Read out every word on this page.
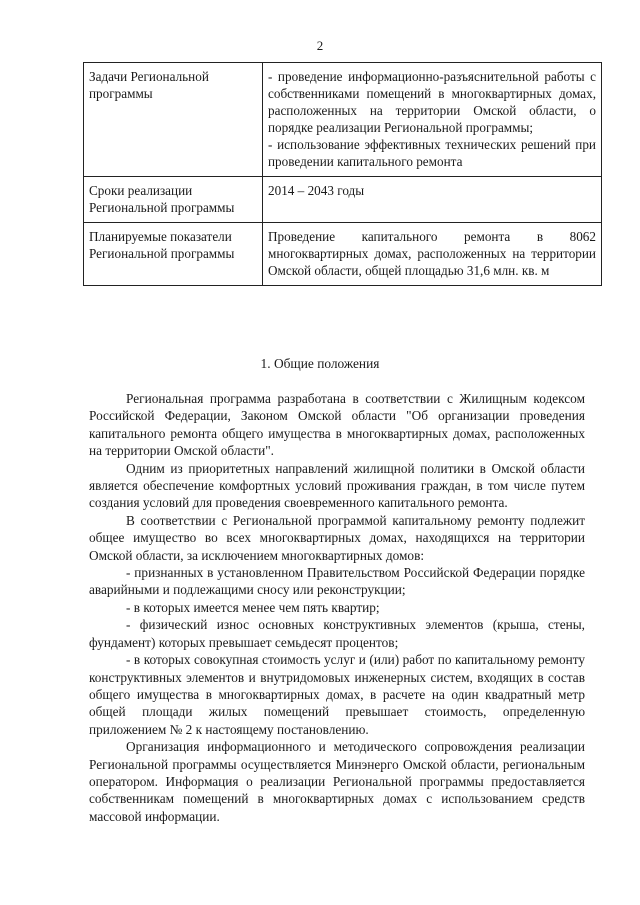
2
Задачи Региональной программы	- проведение информационно-разъяснительной работы с собственниками помещений в многоквартирных домах, расположенных на территории Омской области, о порядке реализации Региональной программы;
- использование эффективных технических решений при проведении капитального ремонта

Сроки реализации Региональной программы	2014 – 2043 годы

Планируемые показатели Региональной программы	Проведение капитального ремонта в 8062 многоквартирных домах, расположенных на территории Омской области, общей площадью 31,6 млн. кв. м
1. Общие положения

Региональная программа разработана в соответствии с Жилищным кодексом Российской Федерации, Законом Омской области "Об организации проведения капитального ремонта общего имущества в многоквартирных домах, расположенных на территории Омской области".

Одним из приоритетных направлений жилищной политики в Омской области является обеспечение комфортных условий проживания граждан, в том числе путем создания условий для проведения своевременного капитального ремонта.

В соответствии с Региональной программой капитальному ремонту подлежит общее имущество во всех многоквартирных домах, находящихся на территории Омской области, за исключением многоквартирных домов:

- признанных в установленном Правительством Российской Федерации порядке аварийными и подлежащими сносу или реконструкции;

- в которых имеется менее чем пять квартир;

- физический износ основных конструктивных элементов (крыша, стены, фундамент) которых превышает семьдесят процентов;

- в которых совокупная стоимость услуг и (или) работ по капитальному ремонту конструктивных элементов и внутридомовых инженерных систем, входящих в состав общего имущества в многоквартирных домах, в расчете на один квадратный метр общей площади жилых помещений превышает стоимость, определенную приложением № 2 к настоящему постановлению.

Организация информационного и методического сопровождения реализации Региональной программы осуществляется Минэнерго Омской области, региональным оператором. Информация о реализации Региональной программы предоставляется собственникам помещений в многоквартирных домах с использованием средств массовой информации.
